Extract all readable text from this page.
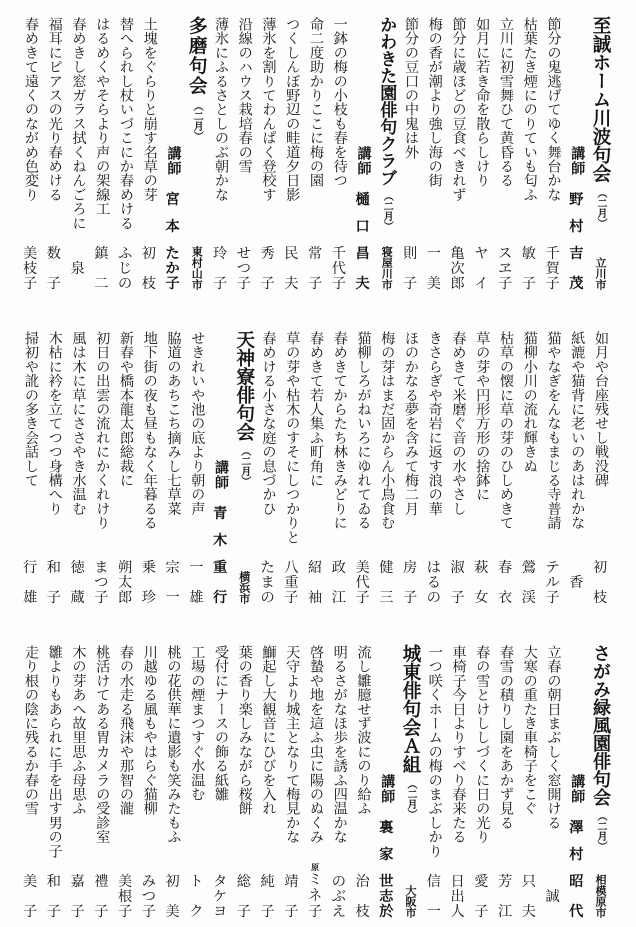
至誠ホーム川波句会（二月）
立川市
講師
野
村
吉
茂
節分の鬼逃げてゆく舞台かな
千
賀
子
枯葉たき煙にのりていも匂ふ
敏
子
立川に初雪舞ひて黄昏るる
ス
ヱ
子
如月に若き命を散らしけり
ヤ
イ
節分に歳ほどの豆食べきれず
亀
次
郎
梅の香が潮より強し海の街
一
美
節分の豆口の中鬼は外
則
子
かわきた園俳句クラブ（二月）
寝屋川市
講師
樋
口
昌
夫
一鉢の梅の小枝も春を待つ
千
代
子
命二度助かりここに梅の園
常
子
つくしんぼ野辺の畦道夕日影
民
夫
薄氷を割りてわんぱく登校す
秀
子
沿線のハウス栽培春の雪
せ
つ
子
薄氷にふるさとしのぶ朝かな
玲
子
多磨句会（二月）
東村山市
講師
宮
本
た
か
子
土塊をぐらりと崩す名草の芽
初
枝
替へられし杖いづこにか春めける
ふ
じ
の
はるめくやそらより声の架線工
鎮
二
春めきし窓ガラス拭くねんごろに
泉
福耳にピアスの光り春めける
数
子
春めきて遠くのながめ色変り
美
枝
子
如月や台座残せし戦没碑
初
枝
紙漉や猫背に老いのあはれかな
香
猫やなぎをんなもまじる寺普請
テ
ル
子
猫柳小川の流れ輝きぬ
鶯
渓
枯草の懐に草の芽のひしめきて
春
衣
草の芽や円形方形の捨鉢に
萩
女
春めきて米磨ぐ音の水やさし
淑
子
きさらぎや奇岩に返す浪の華
は
る
の
ほのかなる夢を含みて梅二月
房
子
梅の芽はまだ固からん小鳥食む
健
三
猫柳しろがねいろにゆれてゐる
美
代
子
春めきてからたち林きみどりに
政
江
春めきて若人集ふ町角に
紹
袖
草の芽や枯木のすそにしつかりと
八
重
子
春めける小さな庭の息づかひ
た
ま
の
天神寮俳句会（二月）
横浜市
講師
青
木
重
行
せきれいや池の底より朝の声
一
雄
脇道のあちこち摘みし七草菜
宗
一
地下街の夜も昼もなく年暮るる
乗
珍
新春や橋本龍太郎総裁に
朔
太
郎
初日の出雲の流れにかくれけり
ま
つ
子
風は木に草にささやき水温む
徳
蔵
木枯に衿を立てつつ身構へり
和
子
掃初や訛の多き会話して
行
雄
さがみ緑風園俳句会（二月）
相模原市
講師
澤
村
昭
代
立春の朝日まぶしく窓開ける
誠
大寒の重たき車椅子をこぐ
只
夫
春雪の積りし園をあかず見る
芳
江
春の雪とけししづくに日の光り
愛
子
車椅子今日よりすべり春来たる
日
出
人
一つ咲くホームの梅のまぶしかり
信
一
城東俳句会Ａ組（二月）
大阪市
講師
裏
家
世
志
於
流し雛臆せず波にのり給ふ
治
枝
明るさがなほ歩を誘ふ四温かな
の
ぶ
え
啓蟄や地を這ふ虫に陽のぬくみ
原
ミ
ネ
子
天守より城主となりて梅見かな
靖
子
鰤起し大観音にひびを入れ
純
子
葉の香り楽しみながら桜餅
総
子
受付にナースの飾る紙雛
タ
ケ
ヨ
工場の煙まつすぐ水温む
ト
ク
桃の花供華に遺影も笑みたもふ
初
美
川越ゆる風もやはらぐ猫柳
み
つ
子
春の水走る飛沫や那智の瀧
美
根
子
桃活けてある胃カメラの受診室
禮
子
木の芽あへ故里思ふ母思ふ
嘉
子
雛よりもあられに手を出す男の子
和
子
走り根の陰に残るか春の雪
美
子
